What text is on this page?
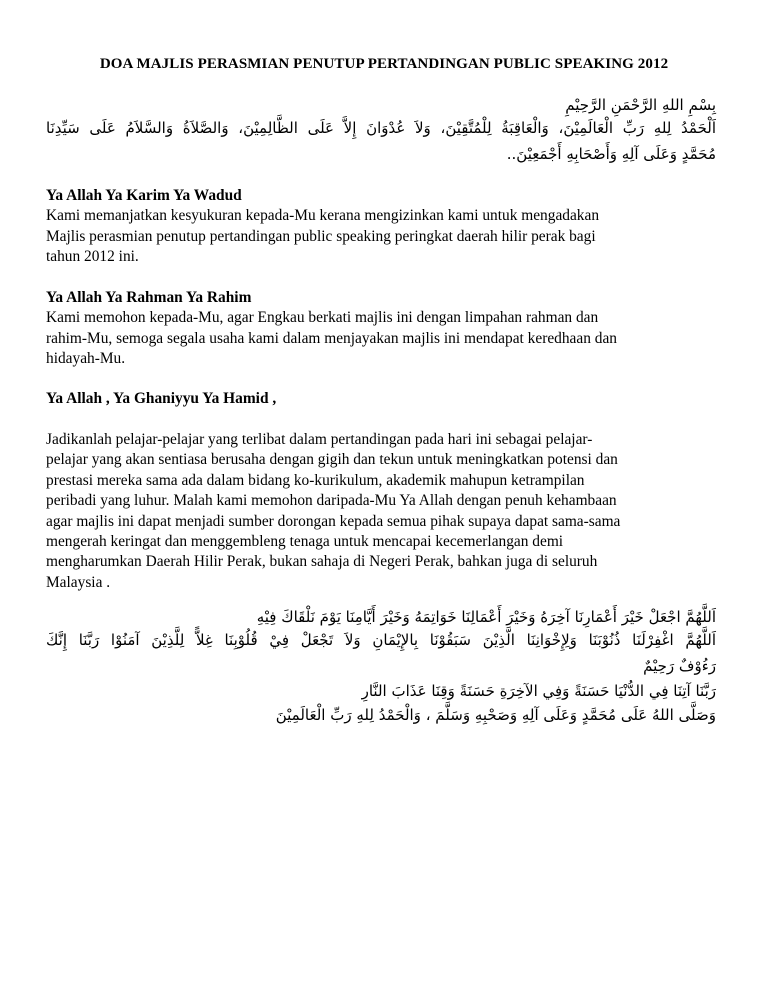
DOA MAJLIS PERASMIAN PENUTUP PERTANDINGAN PUBLIC SPEAKING 2012
بِسْمِ اللهِ الرَّحْمَنِ الرَّحِيْمِ
اَلْحَمْدُ لِلهِ رَبِّ الْعَالَمِيْنَ، وَالْعَاقِبَةُ لِلْمُتَّقِيْنَ، وَلاَ عُدْوَانَ إِلاَّ عَلَى الظَّالِمِيْنَ، وَالصَّلاَةُ وَالسَّلاَمُ عَلَى سَيِّدِنَا
مُحَمَّدٍ وَعَلَى آلِهِ وَأَصْحَابِهِ أَجْمَعِيْنَ..

Ya Allah Ya Karim Ya Wadud

Kami memanjatkan kesyukuran kepada-Mu kerana mengizinkan kami untuk mengadakan

Majlis perasmian penutup pertandingan public speaking peringkat daerah hilir perak bagi

tahun 2012 ini.

Ya Allah Ya Rahman Ya Rahim

Kami memohon kepada-Mu, agar Engkau berkati majlis ini dengan limpahan rahman dan

rahim-Mu, semoga segala usaha kami dalam menjayakan majlis ini mendapat keredhaan dan

hidayah-Mu.

Ya Allah , Ya Ghaniyyu Ya Hamid ,

Jadikanlah pelajar-pelajar yang terlibat dalam pertandingan pada hari ini sebagai pelajar-

pelajar yang akan sentiasa berusaha dengan gigih dan tekun untuk meningkatkan potensi dan

prestasi mereka sama ada dalam bidang ko-kurikulum, akademik mahupun ketrampilan

peribadi yang luhur. Malah kami memohon daripada-Mu Ya Allah dengan penuh kehambaan

agar majlis ini dapat menjadi sumber dorongan kepada semua pihak supaya dapat sama-sama

mengerah keringat dan menggembleng tenaga untuk mencapai kecemerlangan demi

mengharumkan Daerah Hilir Perak, bukan sahaja di Negeri Perak, bahkan juga di seluruh

Malaysia .

اَللَّهُمَّ اجْعَلْ خَيْرَ أَعْمَارِنَا آخِرَهُ وَخَيْرَ أَعْمَالِنَا خَوَاتِمَهُ وَخَيْرَ أَيَّامِنَا يَوْمَ نَلْقَاكَ فِيْهِ
اَللَّهُمَّ اغْفِرْلَنَا ذُنُوْبَنَا وَلِإِخْوَانِنَا الَّذِيْنَ سَبَقُوْنَا بِالإِيْمَانِ وَلاَ تَجْعَلْ فِيْ قُلُوْبِنَا غِلاًّ لِلَّذِيْنَ آمَنُوْا رَبَّنَا إِنَّكَ
رَءُوْفٌ رَحِيْمٌ
رَبَّنَا آتِنَا فِي الدُّنْيَا حَسَنَةً وَفِي الآخِرَةِ حَسَنَةً وَقِنَا عَذَابَ النَّارِ
وَصَلَّى اللهُ عَلَى مُحَمَّدٍ وَعَلَى آلِهِ وَصَحْبِهِ وَسَلَّمَ ، وَالْحَمْدُ لِلهِ رَبِّ الْعَالَمِيْنَ
